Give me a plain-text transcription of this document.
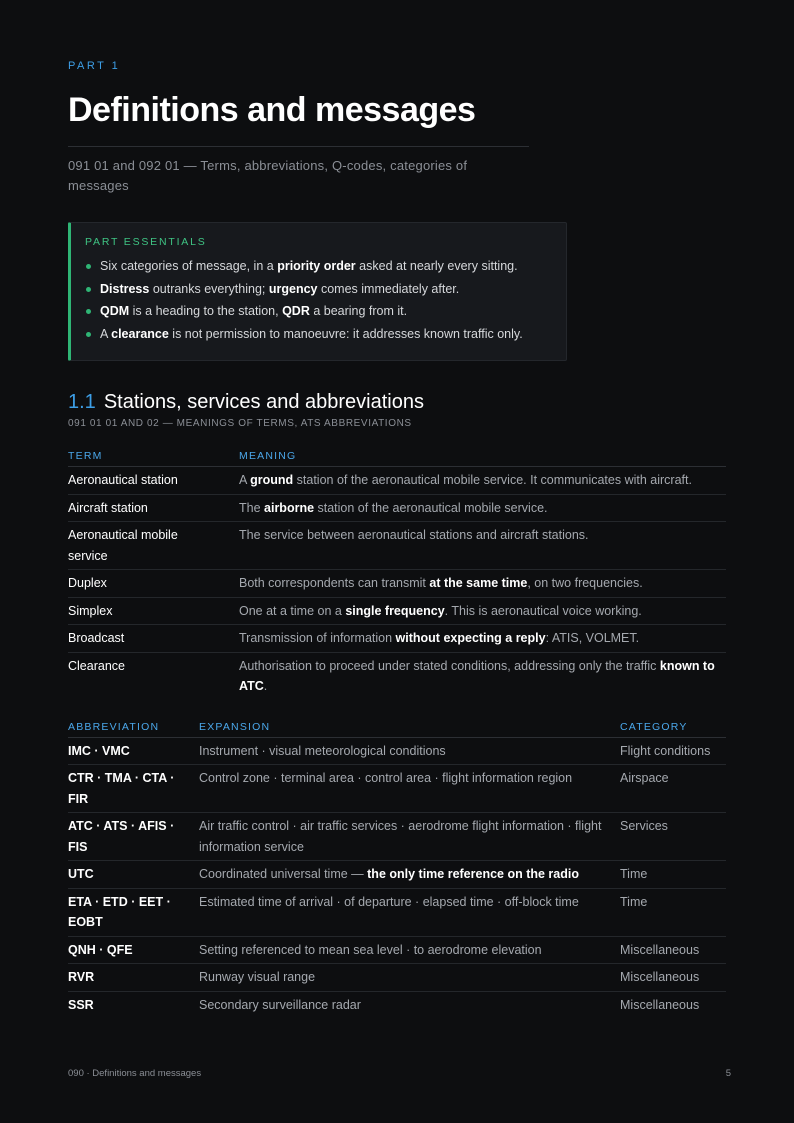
PART 1
Definitions and messages
091 01 and 092 01 — Terms, abbreviations, Q-codes, categories of messages
PART ESSENTIALS
Six categories of message, in a priority order asked at nearly every sitting.
Distress outranks everything; urgency comes immediately after.
QDM is a heading to the station, QDR a bearing from it.
A clearance is not permission to manoeuvre: it addresses known traffic only.
1.1 Stations, services and abbreviations
091 01 01 AND 02 — MEANINGS OF TERMS, ATS ABBREVIATIONS
TERM	MEANING
Aeronautical station	A ground station of the aeronautical mobile service. It communicates with aircraft.
Aircraft station	The airborne station of the aeronautical mobile service.
Aeronautical mobile service	The service between aeronautical stations and aircraft stations.
Duplex	Both correspondents can transmit at the same time, on two frequencies.
Simplex	One at a time on a single frequency. This is aeronautical voice working.
Broadcast	Transmission of information without expecting a reply: ATIS, VOLMET.
Clearance	Authorisation to proceed under stated conditions, addressing only the traffic known to ATC.
ABBREVIATION	EXPANSION	CATEGORY
IMC · VMC	Instrument · visual meteorological conditions	Flight conditions
CTR · TMA · CTA · FIR	Control zone · terminal area · control area · flight information region	Airspace
ATC · ATS · AFIS · FIS	Air traffic control · air traffic services · aerodrome flight information · flight information service	Services
UTC	Coordinated universal time — the only time reference on the radio	Time
ETA · ETD · EET · EOBT	Estimated time of arrival · of departure · elapsed time · off-block time	Time
QNH · QFE	Setting referenced to mean sea level · to aerodrome elevation	Miscellaneous
RVR	Runway visual range	Miscellaneous
SSR	Secondary surveillance radar	Miscellaneous
090 · Definitions and messages	5
